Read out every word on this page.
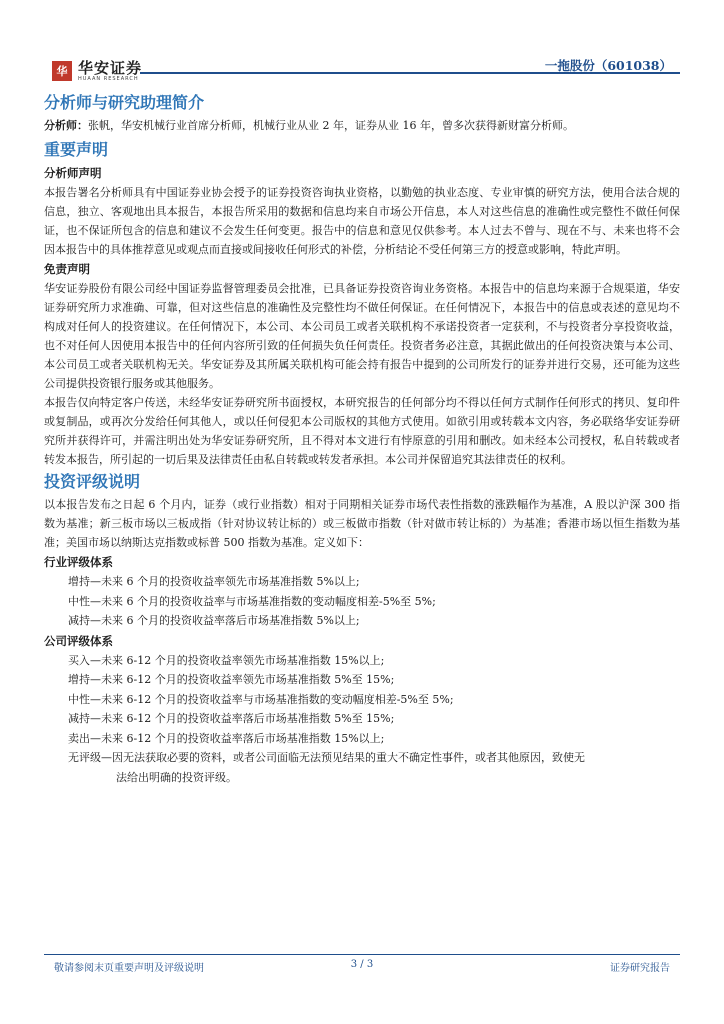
华 华安证券
HUAAN RESEARCH
一拖股份（601038）
分析师与研究助理简介

分析师：张帆，华安机械行业首席分析师，机械行业从业 2 年，证券从业 16 年，曾多次获得新财富分析师。

重要声明
分析师声明

本报告署名分析师具有中国证券业协会授予的证券投资咨询执业资格，以勤勉的执业态度、专业审慎的研究方法，使用合法合规的信息，独立、客观地出具本报告，本报告所采用的数据和信息均来自市场公开信息，本人对这些信息的准确性或完整性不做任何保证，也不保证所包含的信息和建议不会发生任何变更。报告中的信息和意见仅供参考。本人过去不曾与、现在不与、未来也将不会因本报告中的具体推荐意见或观点而直接或间接收任何形式的补偿，分析结论不受任何第三方的授意或影响，特此声明。

免责声明

华安证券股份有限公司经中国证券监督管理委员会批准，已具备证券投资咨询业务资格。本报告中的信息均来源于合规渠道，华安证券研究所力求准确、可靠，但对这些信息的准确性及完整性均不做任何保证。在任何情况下，本报告中的信息或表述的意见均不构成对任何人的投资建议。在任何情况下，本公司、本公司员工或者关联机构不承诺投资者一定获利，不与投资者分享投资收益，也不对任何人因使用本报告中的任何内容所引致的任何损失负任何责任。投资者务必注意，其据此做出的任何投资决策与本公司、本公司员工或者关联机构无关。华安证券及其所属关联机构可能会持有报告中提到的公司所发行的证券并进行交易，还可能为这些公司提供投资银行服务或其他服务。

本报告仅向特定客户传送，未经华安证券研究所书面授权，本研究报告的任何部分均不得以任何方式制作任何形式的拷贝、复印件或复制品，或再次分发给任何其他人，或以任何侵犯本公司版权的其他方式使用。如欲引用或转载本文内容，务必联络华安证券研究所并获得许可，并需注明出处为华安证券研究所，且不得对本文进行有悖原意的引用和删改。如未经本公司授权，私自转载或者转发本报告，所引起的一切后果及法律责任由私自转载或转发者承担。本公司并保留追究其法律责任的权利。

投资评级说明

以本报告发布之日起 6 个月内，证券（或行业指数）相对于同期相关证券市场代表性指数的涨跌幅作为基准，A 股以沪深 300 指数为基准；新三板市场以三板成指（针对协议转让标的）或三板做市指数（针对做市转让标的）为基准；香港市场以恒生指数为基准；美国市场以纳斯达克指数或标普 500 指数为基准。定义如下：

行业评级体系
增持—未来 6 个月的投资收益率领先市场基准指数 5%以上;
中性—未来 6 个月的投资收益率与市场基准指数的变动幅度相差-5%至 5%;
减持—未来 6 个月的投资收益率落后市场基准指数 5%以上;
公司评级体系
买入—未来 6-12 个月的投资收益率领先市场基准指数 15%以上;
增持—未来 6-12 个月的投资收益率领先市场基准指数 5%至 15%;
中性—未来 6-12 个月的投资收益率与市场基准指数的变动幅度相差-5%至 5%;
减持—未来 6-12 个月的投资收益率落后市场基准指数 5%至 15%;
卖出—未来 6-12 个月的投资收益率落后市场基准指数 15%以上;
无评级—因无法获取必要的资料，或者公司面临无法预见结果的重大不确定性事件，或者其他原因，致使无
法给出明确的投资评级。
敬请参阅末页重要声明及评级说明	3 / 3	证券研究报告
